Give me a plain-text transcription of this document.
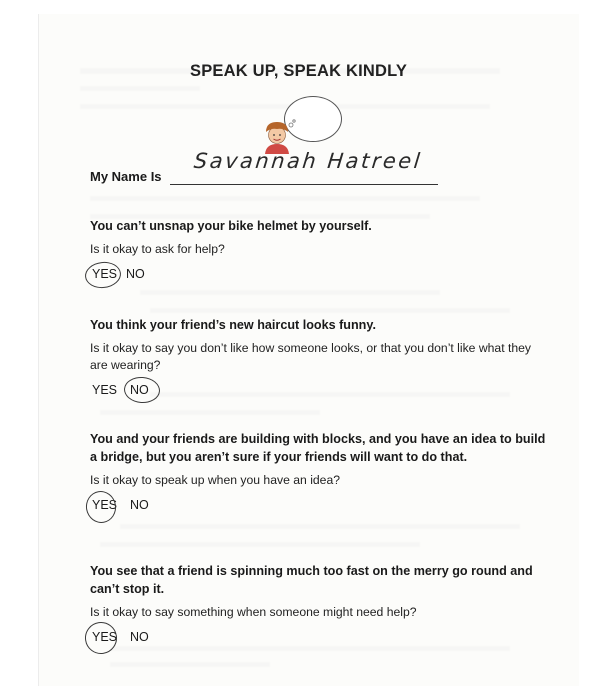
SPEAK UP, SPEAK KINDLY
My Name Is
Savannah Hatreel

You can’t unsnap your bike helmet by yourself.

Is it okay to ask for help?

YES NO

You think your friend’s new haircut looks funny.

Is it okay to say you don’t like how someone looks, or that you don’t like what they are wearing?

YES NO

You and your friends are building with blocks, and you have an idea to build a bridge, but you aren’t sure if your friends will want to do that.

Is it okay to speak up when you have an idea?

YES NO

You see that a friend is spinning much too fast on the merry go round and can’t stop it.

Is it okay to say something when someone might need help?

YES NO
